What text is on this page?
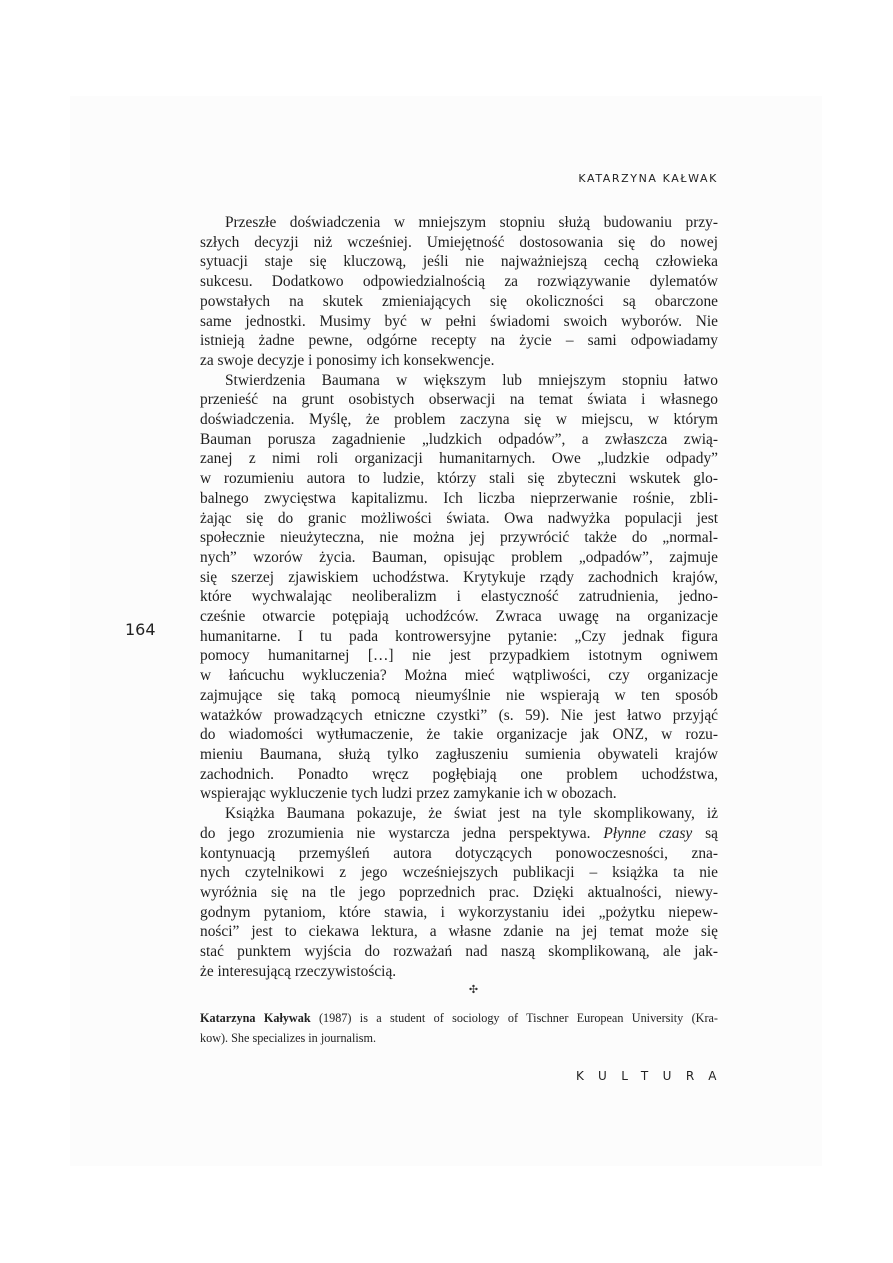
KATARZYNA KAŁWAK
164
Przeszłe doświadczenia w mniejszym stopniu służą budowaniu przy-
szłych decyzji niż wcześniej. Umiejętność dostosowania się do nowej
sytuacji staje się kluczową, jeśli nie najważniejszą cechą człowieka
sukcesu. Dodatkowo odpowiedzialnością za rozwiązywanie dylematów
powstałych na skutek zmieniających się okoliczności są obarczone
same jednostki. Musimy być w pełni świadomi swoich wyborów. Nie
istnieją żadne pewne, odgórne recepty na życie – sami odpowiadamy
za swoje decyzje i ponosimy ich konsekwencje.
Stwierdzenia Baumana w większym lub mniejszym stopniu łatwo
przenieść na grunt osobistych obserwacji na temat świata i własnego
doświadczenia. Myślę, że problem zaczyna się w miejscu, w którym
Bauman porusza zagadnienie „ludzkich odpadów”, a zwłaszcza zwią-
zanej z nimi roli organizacji humanitarnych. Owe „ludzkie odpady”
w rozumieniu autora to ludzie, którzy stali się zbyteczni wskutek glo-
balnego zwycięstwa kapitalizmu. Ich liczba nieprzerwanie rośnie, zbli-
żając się do granic możliwości świata. Owa nadwyżka populacji jest
społecznie nieużyteczna, nie można jej przywrócić także do „normal-
nych” wzorów życia. Bauman, opisując problem „odpadów”, zajmuje
się szerzej zjawiskiem uchodźstwa. Krytykuje rządy zachodnich krajów,
które wychwalając neoliberalizm i elastyczność zatrudnienia, jedno-
cześnie otwarcie potępiają uchodźców. Zwraca uwagę na organizacje
humanitarne. I tu pada kontrowersyjne pytanie: „Czy jednak figura
pomocy humanitarnej […] nie jest przypadkiem istotnym ogniwem
w łańcuchu wykluczenia? Można mieć wątpliwości, czy organizacje
zajmujące się taką pomocą nieumyślnie nie wspierają w ten sposób
watażków prowadzących etniczne czystki” (s. 59). Nie jest łatwo przyjąć
do wiadomości wytłumaczenie, że takie organizacje jak ONZ, w rozu-
mieniu Baumana, służą tylko zagłuszeniu sumienia obywateli krajów
zachodnich. Ponadto wręcz pogłębiają one problem uchodźstwa,
wspierając wykluczenie tych ludzi przez zamykanie ich w obozach.
Książka Baumana pokazuje, że świat jest na tyle skomplikowany, iż
do jego zrozumienia nie wystarcza jedna perspektywa. Płynne czasy są
kontynuacją przemyśleń autora dotyczących ponowoczesności, zna-
nych czytelnikowi z jego wcześniejszych publikacji – książka ta nie
wyróżnia się na tle jego poprzednich prac. Dzięki aktualności, niewy-
godnym pytaniom, które stawia, i wykorzystaniu idei „pożytku niepew-
ności” jest to ciekawa lektura, a własne zdanie na jej temat może się
stać punktem wyjścia do rozważań nad naszą skomplikowaną, ale jak-
że interesującą rzeczywistością.
✣
Katarzyna Kaływak (1987) is a student of sociology of Tischner European University (Kra-
kow). She specializes in journalism.
KULTURA
